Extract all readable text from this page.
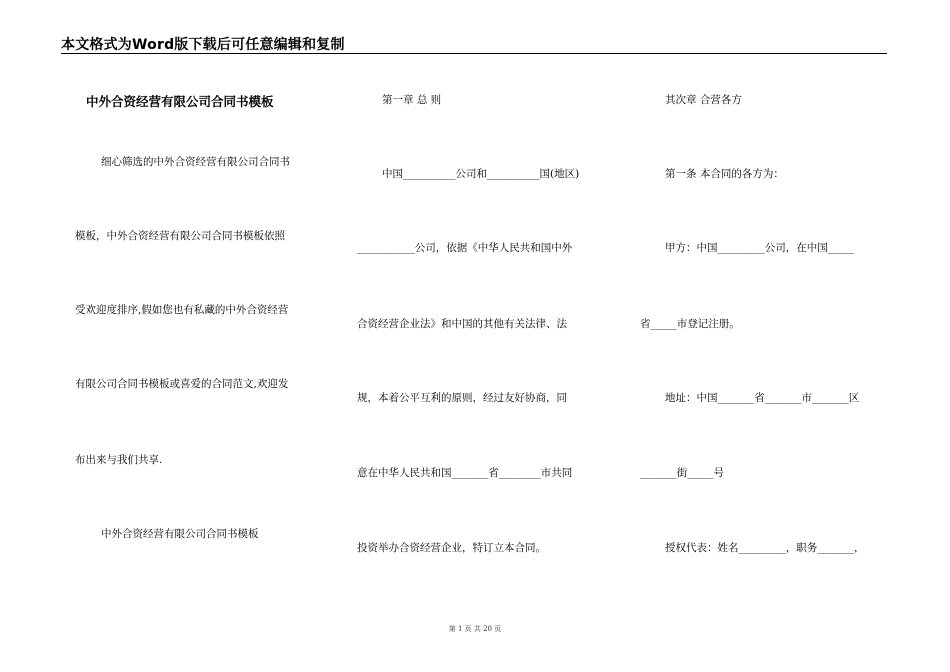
本文格式为Word版下载后可任意编辑和复制
中外合资经营有限公司合同书模板
细心筛选的中外合资经营有限公司合同书
模板，中外合资经营有限公司合同书模板依照
受欢迎度排序,假如您也有私藏的中外合资经营
有限公司合同书模板或喜爱的合同范文,欢迎发
布出来与我们共享.
中外合资经营有限公司合同书模板
第一章 总 则
中国__________公司和__________国(地区)
___________公司，依据《中华人民共和国中外
合资经营企业法》和中国的其他有关法律、法
规，本着公平互利的原则，经过友好协商，同
意在中华人民共和国_______省________市共同
投资举办合资经营企业，特订立本合同。
其次章 合营各方
第一条 本合同的各方为：
甲方：中国_________公司，在中国_____
省_____市登记注册。
地址：中国_______省_______市_______区
_______街_____号
授权代表：姓名_________，职务_______，
第 1 页 共 20 页
